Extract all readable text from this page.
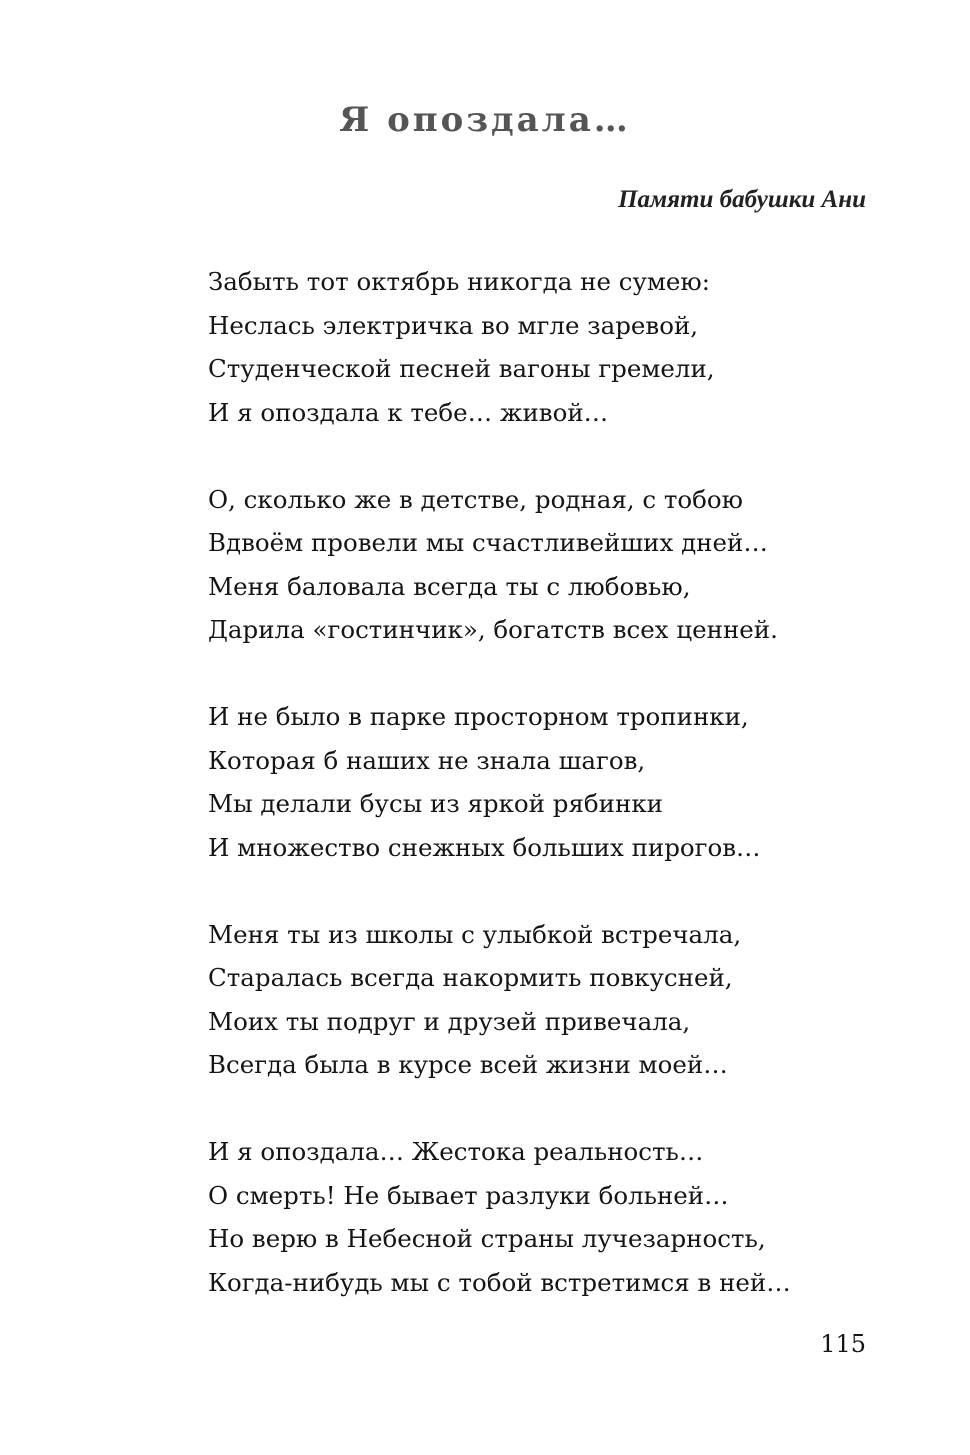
Я опоздала…

Памяти бабушки Ани

Забыть тот октябрь никогда не сумею:
Неслась электричка во мгле заревой,
Студенческой песней вагоны гремели,
И я опоздала к тебе… живой…
О, сколько же в детстве, родная, с тобою
Вдвоём провели мы счастливейших дней…
Меня баловала всегда ты с любовью,
Дарила «гостинчик», богатств всех ценней.
И не было в парке просторном тропинки,
Которая б наших не знала шагов,
Мы делали бусы из яркой рябинки
И множество снежных больших пирогов…
Меня ты из школы с улыбкой встречала,
Старалась всегда накормить повкусней,
Моих ты подруг и друзей привечала,
Всегда была в курсе всей жизни моей…
И я опоздала… Жестока реальность…
О смерть! Не бывает разлуки больней…
Но верю в Небесной страны лучезарность,
Когда-нибудь мы с тобой встретимся в ней…

115
